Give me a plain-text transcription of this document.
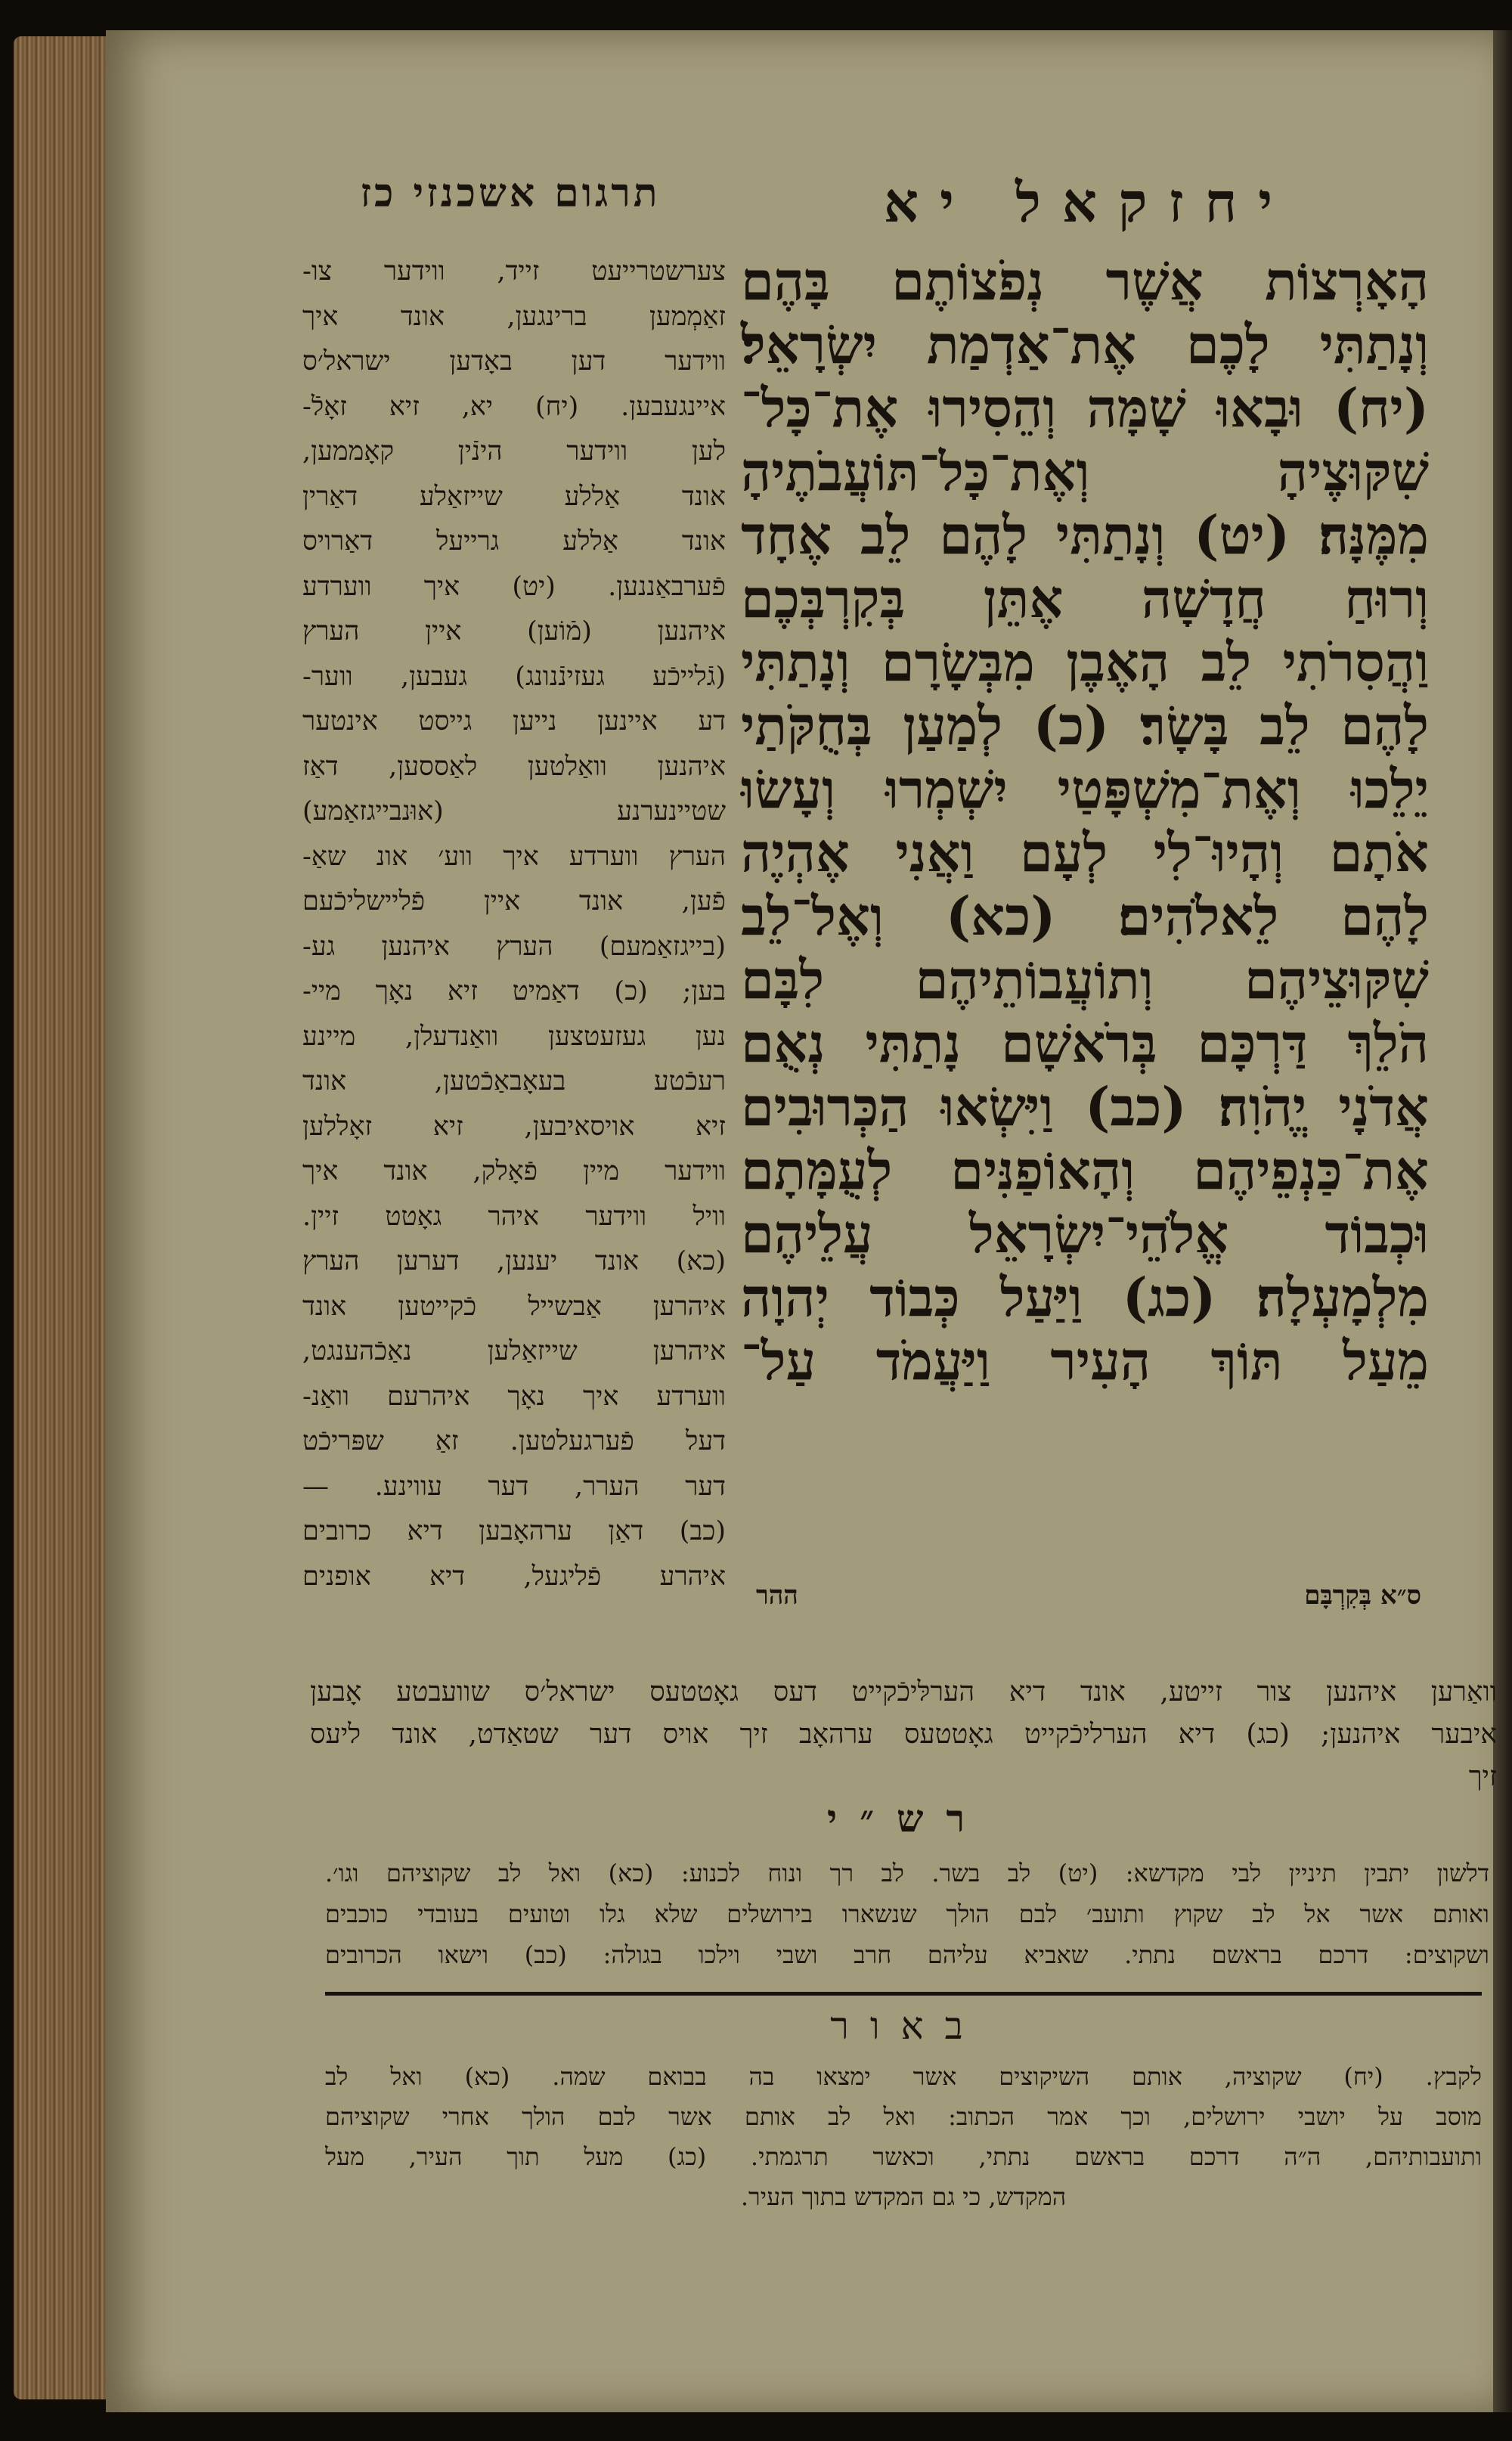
יחזקאל יא
תרגום אשכנזי כז
הָאָרְצוֹת אֲשֶׁר נְפֹצוֹתֶם בָּהֶם
וְנָתַתִּי לָכֶם אֶת־אַדְמַת יִשְׂרָאֵל׃
(יח) וּבָאוּ שָׁמָּה וְהֵסִירוּ אֶת־כָּל־
שִׁקּוּצֶיהָ וְאֶת־כָּל־תּוֹעֲבֹתֶיהָ
מִמֶּנָּה׃ (יט) וְנָתַתִּי לָהֶם לֵב אֶחָד
וְרוּחַ חֲדָשָׁה אֶתֵּן בְּקִרְבְּכֶם
וַהֲסִרֹתִי לֵב הָאֶבֶן מִבְּשָׂרָם וְנָתַתִּי
לָהֶם לֵב בָּשָׂר׃ (כ) לְמַעַן בְּחֻקֹּתַי
יֵלֵכוּ וְאֶת־מִשְׁפָּטַי יִשְׁמְרוּ וְעָשׂוּ
אֹתָם וְהָיוּ־לִי לְעָם וַאֲנִי אֶהְיֶה
לָהֶם לֵאלֹהִים׃ (כא) וְאֶל־לֵב
שִׁקּוּצֵיהֶם וְתוֹעֲבוֹתֵיהֶם לִבָּם
הֹלֵךְ דַּרְכָּם בְּרֹאשָׁם נָתַתִּי נְאֻם
אֲדֹנָי יֱהֹוִה׃ (כב) וַיִּשְׂאוּ הַכְּרוּבִים
אֶת־כַּנְפֵיהֶם וְהָאוֹפַנִּים לְעֻמָּתָם
וּכְבוֹד אֱלֹהֵי־יִשְׂרָאֵל עֲלֵיהֶם
מִלְמָעְלָה׃ (כג) וַיַּעַל כְּבוֹד יְהוָה
מֵעַל תּוֹךְ הָעִיר וַיַּעֲמֹד עַל־
ס״א בְּקִרְבָּם
ההר
צערשטרייעט זייד, ווידער צו-
זאַמְמען ברינגען, אונד איך
ווידער דען באָדען ישראל׳ס
איינגעבען. (יח) יא, זיא זאָלֿ-
לען ווידער הינֿין קאָממען,
אונד אַללע שייזאַלע דאַרין
אונד אַללע גרייעל דאַרויס
פֿערבאַננען. (יט) איך ווערדע
איהנען (מֿוֹען) איין הערץ
(גֿלייכֿע געזינֿנונג) געבען, ווער-
דע איינען נייען גייסט אינטער
איהנען וואַלטען לאַססען, דאַז
שטיינערנע (אוּנבייגזאַמע)
הערץ ווערדע איך ווע׳ אונ שאַ-
פֿען, אונד איין פֿליישליכֿעם
(בייגזאַמעם) הערץ איהנען גע-
בען; (כ) דאַמיט זיא נאָך מיי-
נען געזעטצען וואַנדעלן, מיינע
רעכֿטע בעאָבאַכֿטען, אונד
זיא אויסאיבען, זיא זאָללען
ווידער מיין פֿאָלק, אונד איך
וויל ווידער איהר גאָטט זיין.
(כא) אונד יענען, דערען הערץ
איהרען אַבשייל כֿקייטען אונד
איהרען שייזאַלען נאַכֿהענגט,
ווערדע איך נאָך איהרעם וואַנ-
דעל פֿערגעלטען. זאַ שפּריכֿט
דער הערר, דער עווינע. —
(כב) דאַן ערהאָבען דיא כרובים
איהרע פֿליגעל, דיא אופנים
וואַרען איהנען צור זייטע, אונד דיא הערלּיכֿקייט דעס גאָטטעס ישראל׳ס שוועבטע אָבען
איבער איהנען; (כג) דיא הערליכֿקייט גאָטטעס ערהאָב זיך אויס דער שטאַדט, אונד ליעס
זיך
רש״י
דלשון יתבין תיניין לבי מקדשא: (יט) לב בשר. לב רך ונוח לכנוע: (כא) ואל לב שקוציהם וגו׳.
ואותם אשר אל לב שקוץ ותועב׳ לבם הולך שנשארו בירושלים שלא גלו וטועים בעובדי כוכבים
ושקוצים: דרכם בראשם נתתי. שאביא עליהם חרב ושבי וילכו בגולה: (כב) וישאו הכרובים
באור
לקבץ. (יח) שקוציה, אותם השיקוצים אשר ימצאו בה בבואם שמה. (כא) ואל לב
מוסב על יושבי ירושלים, וכך אמר הכתוב: ואל לב אותם אשר לבם הולך אחרי שקוציהם
ותועבותיהם, ה״ה דרכם בראשם נתתי, וכאשר תרגמתי. (כג) מעל תוך העיר, מעל
המקדש, כי גם המקדש בתוך העיר.
